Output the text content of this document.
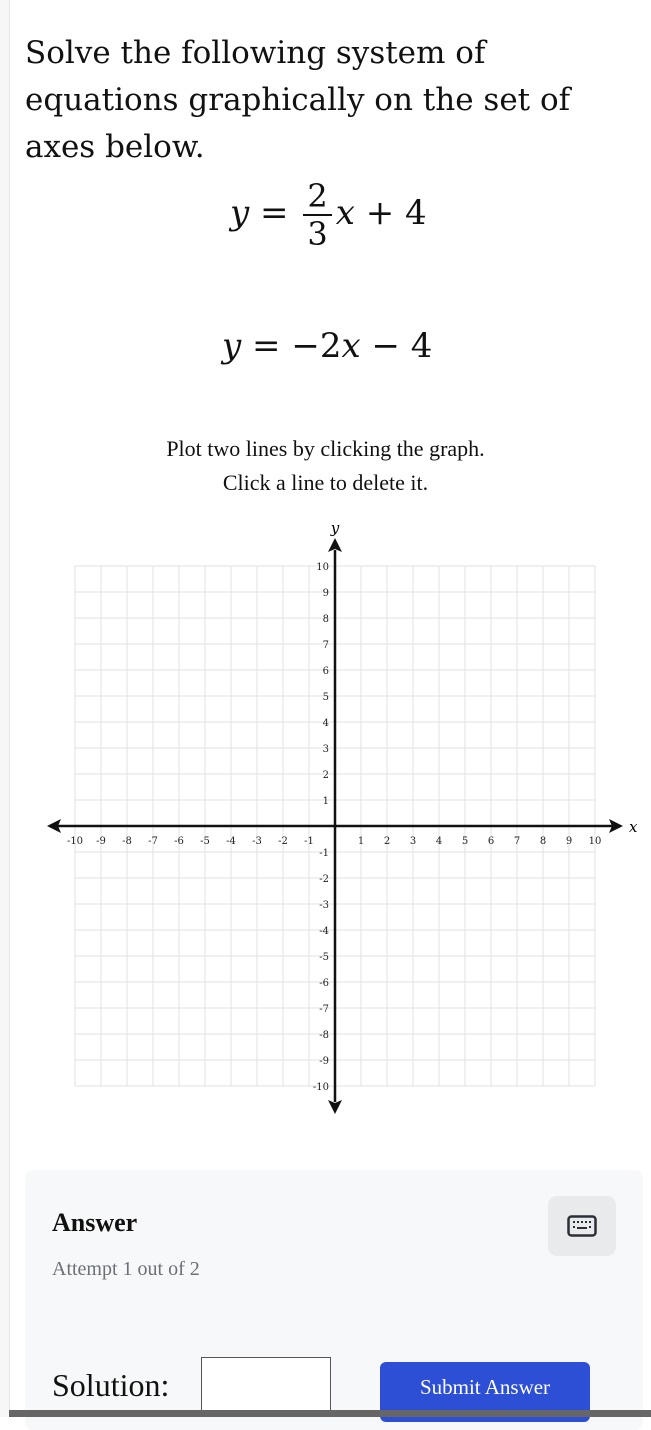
Solve the following system of equations graphically on the set of axes below.
$y = \frac{2}{3}$ x + 4
y = −2x − 4
Plot two lines by clicking the graph.
Click a line to delete it.
-10 -9 -8 -7 -6 -5 -4 -3 -2 -1	1 2 3 4 5 6 7 8 9 10
10
9
8
7
6
5
4
3
2
1
-1
-2
-3
-4
-5
-6
-7
-8
-9
-10
x
y
Answer
Attempt 1 out of 2
Solution:	Submit Answer
